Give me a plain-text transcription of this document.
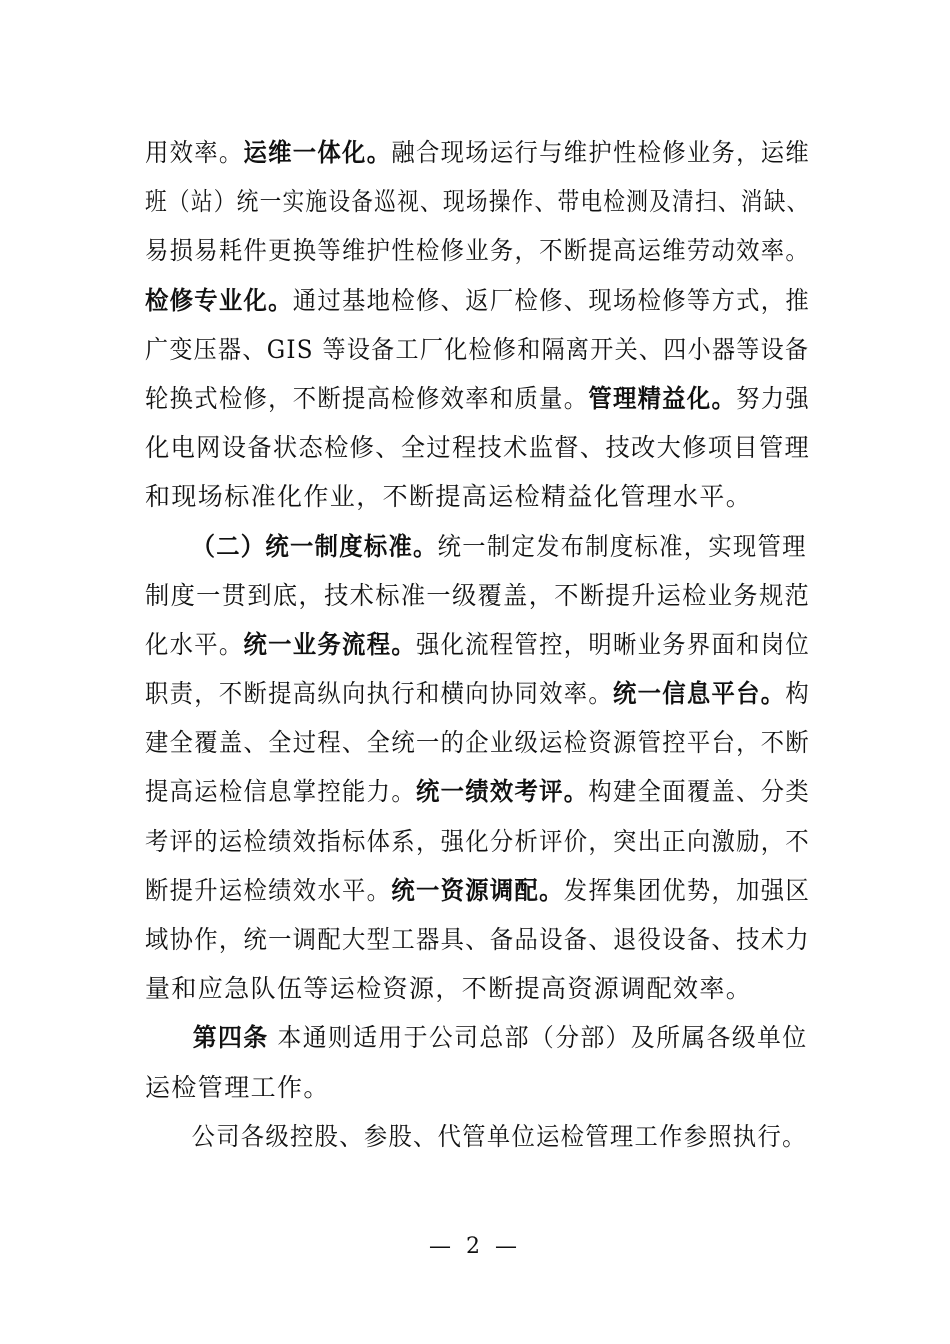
用效率。运维一体化。融合现场运行与维护性检修业务，运维
班（站）统一实施设备巡视、现场操作、带电检测及清扫、消缺、
易损易耗件更换等维护性检修业务，不断提高运维劳动效率。
检修专业化。通过基地检修、返厂检修、现场检修等方式，推
广变压器、GIS 等设备工厂化检修和隔离开关、四小器等设备
轮换式检修，不断提高检修效率和质量。管理精益化。努力强
化电网设备状态检修、全过程技术监督、技改大修项目管理
和现场标准化作业，不断提高运检精益化管理水平。
（二）统一制度标准。统一制定发布制度标准，实现管理
制度一贯到底，技术标准一级覆盖，不断提升运检业务规范
化水平。统一业务流程。强化流程管控，明晰业务界面和岗位
职责，不断提高纵向执行和横向协同效率。统一信息平台。构
建全覆盖、全过程、全统一的企业级运检资源管控平台，不断
提高运检信息掌控能力。统一绩效考评。构建全面覆盖、分类
考评的运检绩效指标体系，强化分析评价，突出正向激励，不
断提升运检绩效水平。统一资源调配。发挥集团优势，加强区
域协作，统一调配大型工器具、备品设备、退役设备、技术力
量和应急队伍等运检资源，不断提高资源调配效率。
第四条 本通则适用于公司总部（分部）及所属各级单位
运检管理工作。
公司各级控股、参股、代管单位运检管理工作参照执行。
— 2 —
